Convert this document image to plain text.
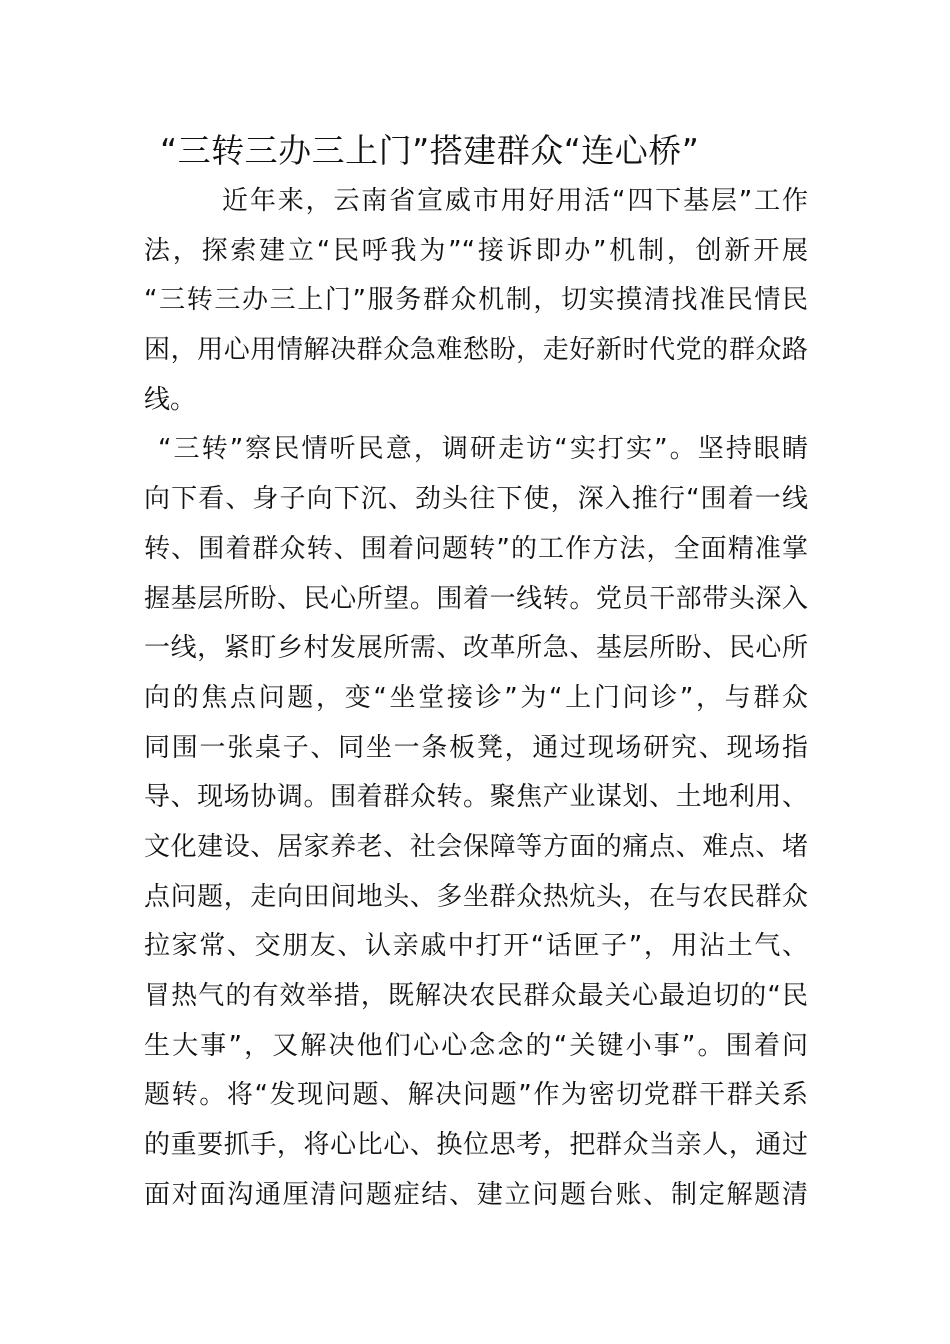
“三转三办三上门”搭建群众“连心桥”
近年来，云南省宣威市用好用活“四下基层”工作
法，探索建立“民呼我为”“接诉即办”机制，创新开展
“三转三办三上门”服务群众机制，切实摸清找准民情民
困，用心用情解决群众急难愁盼，走好新时代党的群众路
线。
“三转”察民情听民意，调研走访“实打实”。坚持眼睛
向下看、身子向下沉、劲头往下使，深入推行“围着一线
转、围着群众转、围着问题转”的工作方法，全面精准掌
握基层所盼、民心所望。围着一线转。党员干部带头深入
一线，紧盯乡村发展所需、改革所急、基层所盼、民心所
向的焦点问题，变“坐堂接诊”为“上门问诊”，与群众
同围一张桌子、同坐一条板凳，通过现场研究、现场指
导、现场协调。围着群众转。聚焦产业谋划、土地利用、
文化建设、居家养老、社会保障等方面的痛点、难点、堵
点问题，走向田间地头、多坐群众热炕头，在与农民群众
拉家常、交朋友、认亲戚中打开“话匣子”，用沾土气、
冒热气的有效举措，既解决农民群众最关心最迫切的“民
生大事”，又解决他们心心念念的“关键小事”。围着问
题转。将“发现问题、解决问题”作为密切党群干群关系
的重要抓手，将心比心、换位思考，把群众当亲人，通过
面对面沟通厘清问题症结、建立问题台账、制定解题清
